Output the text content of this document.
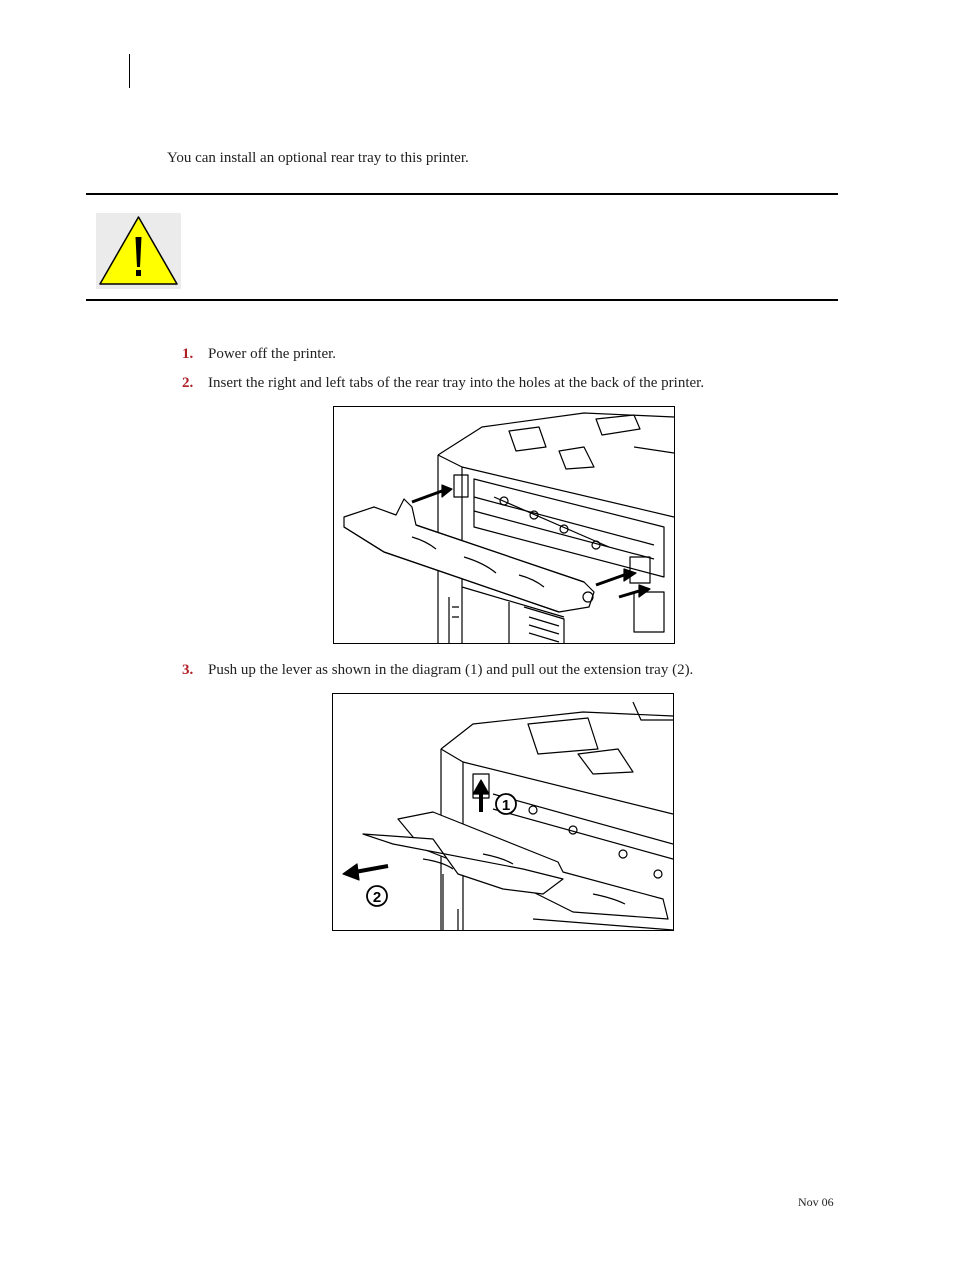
You can install an optional rear tray to this printer.

1. Power off the printer.
2. Insert the right and left tabs of the rear tray into the holes at the back of the printer.
3. Push up the lever as shown in the diagram (1) and pull out the extension tray (2).
1
2
Nov 06
